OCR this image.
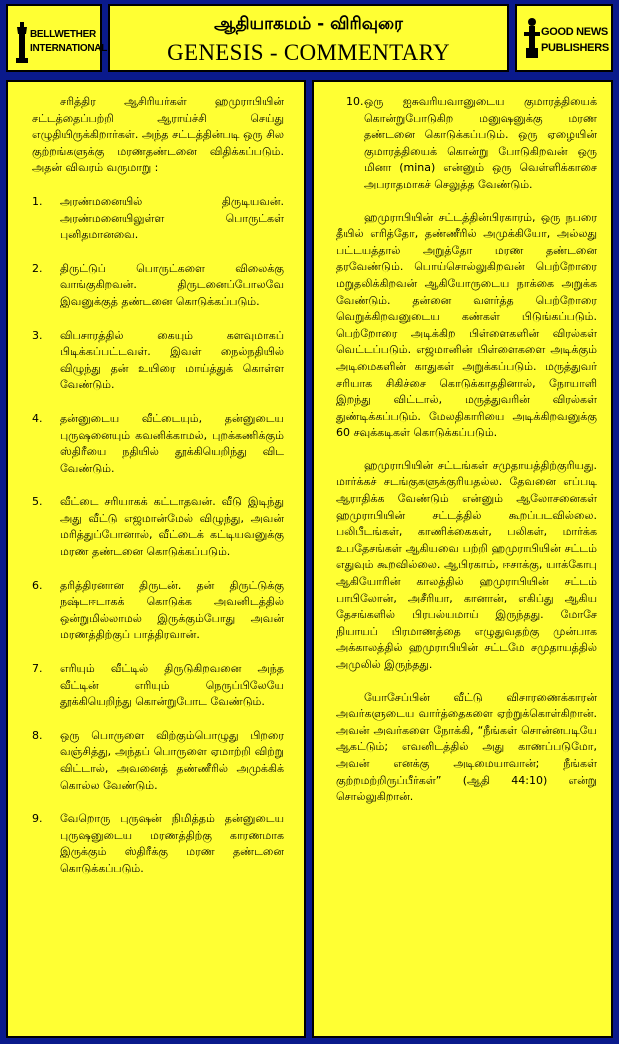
BELLWETHER
INTERNATIONAL
ஆதியாகமம் - விரிவுரை
GENESIS - COMMENTARY
GOOD NEWS
PUBLISHERS

சரித்திர ஆசிரியர்கள் ஹமுராபியின் சட்டத்தைப்பற்றி ஆராய்ச்சி செய்து எழுதியிருக்கிறார்கள். அந்த சட்டத்தின்படி ஒரு சில குற்றங்களுக்கு மரணதண்டனை விதிக்கப்படும். அதன் விவரம் வருமாறு :

1.	அரண்மனையில் திருடியவன். அரண்மனையிலுள்ள பொருட்கள் புனிதமானவை.
2.	திருட்டுப் பொருட்களை விலைக்கு வாங்குகிறவன். திருடனைப்போலவே இவனுக்குத் தண்டனை கொடுக்கப்படும்.
3.	விபசாரத்தில் கையும் களவுமாகப் பிடிக்கப்பட்டவள். இவள் நைல்நதியில் விழுந்து தன் உயிரை மாய்த்துக் கொள்ள வேண்டும்.
4.	தன்னுடைய வீட்டையும், தன்னுடைய புருஷனையும் கவனிக்காமல், புறக்கணிக்கும் ஸ்திரீயை நதியில் தூக்கியெறிந்து விட வேண்டும்.
5.	வீட்டை சரியாகக் கட்டாதவன். வீடு இடிந்து அது வீட்டு எஜமான்மேல் விழுந்து, அவன் மரித்துப்போனால், வீட்டைக் கட்டியவனுக்கு மரண தண்டனை கொடுக்கப்படும்.
6.	தரித்திரனான திருடன். தன் திருட்டுக்கு நஷ்டஈடாகக் கொடுக்க அவனிடத்தில் ஒன்றுமில்லாமல் இருக்கும்போது அவன் மரணத்திற்குப் பாத்திரவான்.
7.	எரியும் வீட்டில் திருடுகிறவனை அந்த வீட்டின் எரியும் நெருப்பிலேயே தூக்கியெறிந்து கொன்றுபோட வேண்டும்.
8.	ஒரு பொருளை விற்கும்பொழுது பிறரை வஞ்சித்து, அந்தப் பொருளை ஏமாற்றி விற்று விட்டால், அவனைத் தண்ணீரில் அமுக்கிக் கொல்ல வேண்டும்.
9.	வேறொரு புருஷன் நிமித்தம் தன்னுடைய புருஷனுடைய மரணத்திற்கு காரணமாக இருக்கும் ஸ்திரீக்கு மரண தண்டனை கொடுக்கப்படும்.
10. ஒரு ஐசுவரியவானுடைய குமாரத்தியைக் கொன்றுபோடுகிற மனுஷனுக்கு மரண தண்டனை கொடுக்கப்படும். ஒரு ஏழையின் குமாரத்தியைக் கொன்று போடுகிறவன் ஒரு மினா (mina) என்னும் ஒரு வெள்ளிக்காசை அபராதமாகச் செலுத்த வேண்டும்.

ஹமுராபியின் சட்டத்தின்பிரகாரம், ஒரு நபரை தீயில் எரித்தோ, தண்ணீரில் அமுக்கியோ, அல்லது பட்டயத்தால் அறுத்தோ மரண தண்டனை தரவேண்டும். பொய்சொல்லுகிறவன் பெற்றோரை மறுதலிக்கிறவன் ஆகியோருடைய நாக்கை அறுக்க வேண்டும். தன்னை வளர்த்த பெற்றோரை வெறுக்கிறவனுடைய கண்கள் பிடுங்கப்படும். பெற்றோரை அடிக்கிற பிள்ளைகளின் விரல்கள் வெட்டப்படும். எஜமானின் பிள்ளைகளை அடிக்கும் அடிமைகளின் காதுகள் அறுக்கப்படும். மருத்துவர் சரியாக சிகிச்சை கொடுக்காததினால், நோயாளி இறந்து விட்டால், மருத்துவரின் விரல்கள் துண்டிக்கப்படும். மேலதிகாரியை அடிக்கிறவனுக்கு 60 சவுக்கடிகள் கொடுக்கப்படும்.

ஹமுராபியின் சட்டங்கள் சமுதாயத்திற்குரியது. மார்க்கச் சடங்குகளுக்குரியதல்ல. தேவனை எப்படி ஆராதிக்க வேண்டும் என்னும் ஆலோசனைகள் ஹமுராபியின் சட்டத்தில் கூறப்படவில்லை. பலிபீடங்கள், காணிக்கைகள், பலிகள், மார்க்க உபதேசங்கள் ஆகியவை பற்றி ஹமுராபியின் சட்டம் எதுவும் கூறவில்லை. ஆபிரகாம், ஈசாக்கு, யாக்கோபு ஆகியோரின் காலத்தில் ஹமுராபியின் சட்டம் பாபிலோன், அசீரியா, கானான், எகிப்து ஆகிய தேசங்களில் பிரபல்யமாய் இருந்தது. மோசே நியாயப் பிரமாணத்தை எழுதுவதற்கு முன்பாக அக்காலத்தில் ஹமுராபியின் சட்டமே சமுதாயத்தில் அமுலில் இருந்தது.

யோசேப்பின் வீட்டு விசாரணைக்காரன் அவர்களுடைய வார்த்தைகளை ஏற்றுக்கொள்கிறான். அவன் அவர்களை நோக்கி, “நீங்கள் சொன்னபடியே ஆகட்டும்; எவனிடத்தில் அது காணப்படுமோ, அவன் எனக்கு அடிமையாவான்; நீங்கள் குற்றமற்றிருப்பீர்கள்” (ஆதி 44:10) என்று சொல்லுகிறான்.
